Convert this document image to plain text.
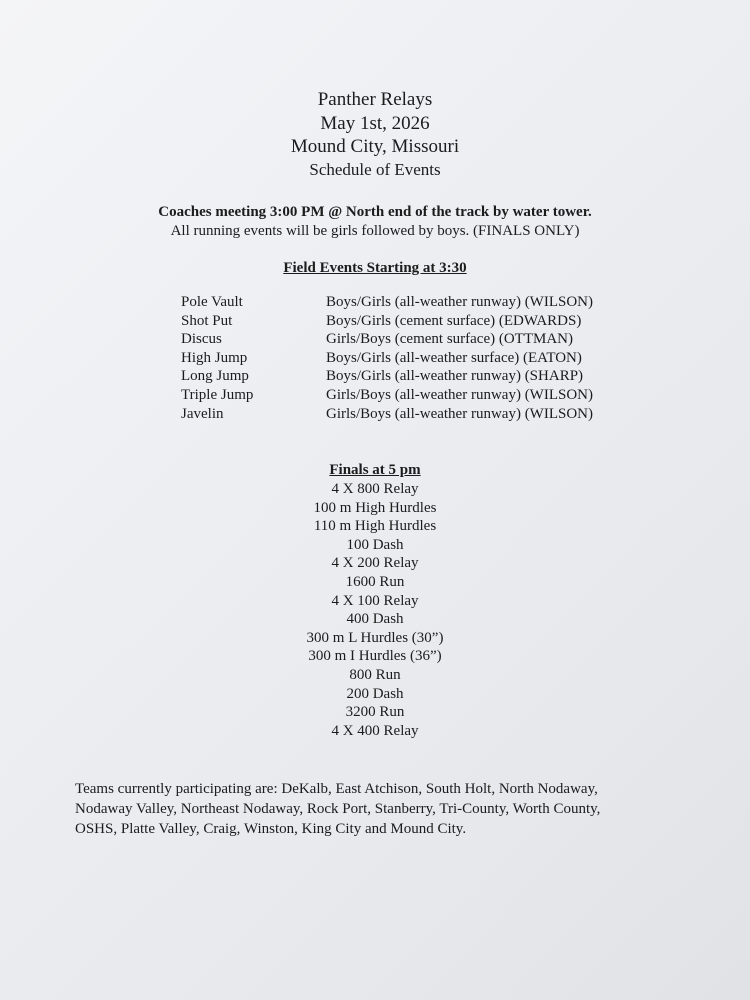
Panther Relays
May 1st, 2026
Mound City, Missouri
Schedule of Events
Coaches meeting 3:00 PM @ North end of the track by water tower.
All running events will be girls followed by boys. (FINALS ONLY)
Field Events Starting at 3:30
Pole Vault	Boys/Girls (all-weather runway) (WILSON)
Shot Put	Boys/Girls (cement surface) (EDWARDS)
Discus	Girls/Boys (cement surface) (OTTMAN)
High Jump	Boys/Girls (all-weather surface) (EATON)
Long Jump	Boys/Girls (all-weather runway) (SHARP)
Triple Jump	Girls/Boys (all-weather runway) (WILSON)
Javelin	Girls/Boys (all-weather runway) (WILSON)
Finals at 5 pm
4 X 800 Relay
100 m High Hurdles
110 m High Hurdles
100 Dash
4 X 200 Relay
1600 Run
4 X 100 Relay
400 Dash
300 m L Hurdles (30”)
300 m I Hurdles (36”)
800 Run
200 Dash
3200 Run
4 X 400 Relay
Teams currently participating are: DeKalb, East Atchison, South Holt, North Nodaway,
Nodaway Valley, Northeast Nodaway, Rock Port, Stanberry, Tri-County, Worth County,
OSHS, Platte Valley, Craig, Winston, King City and Mound City.
